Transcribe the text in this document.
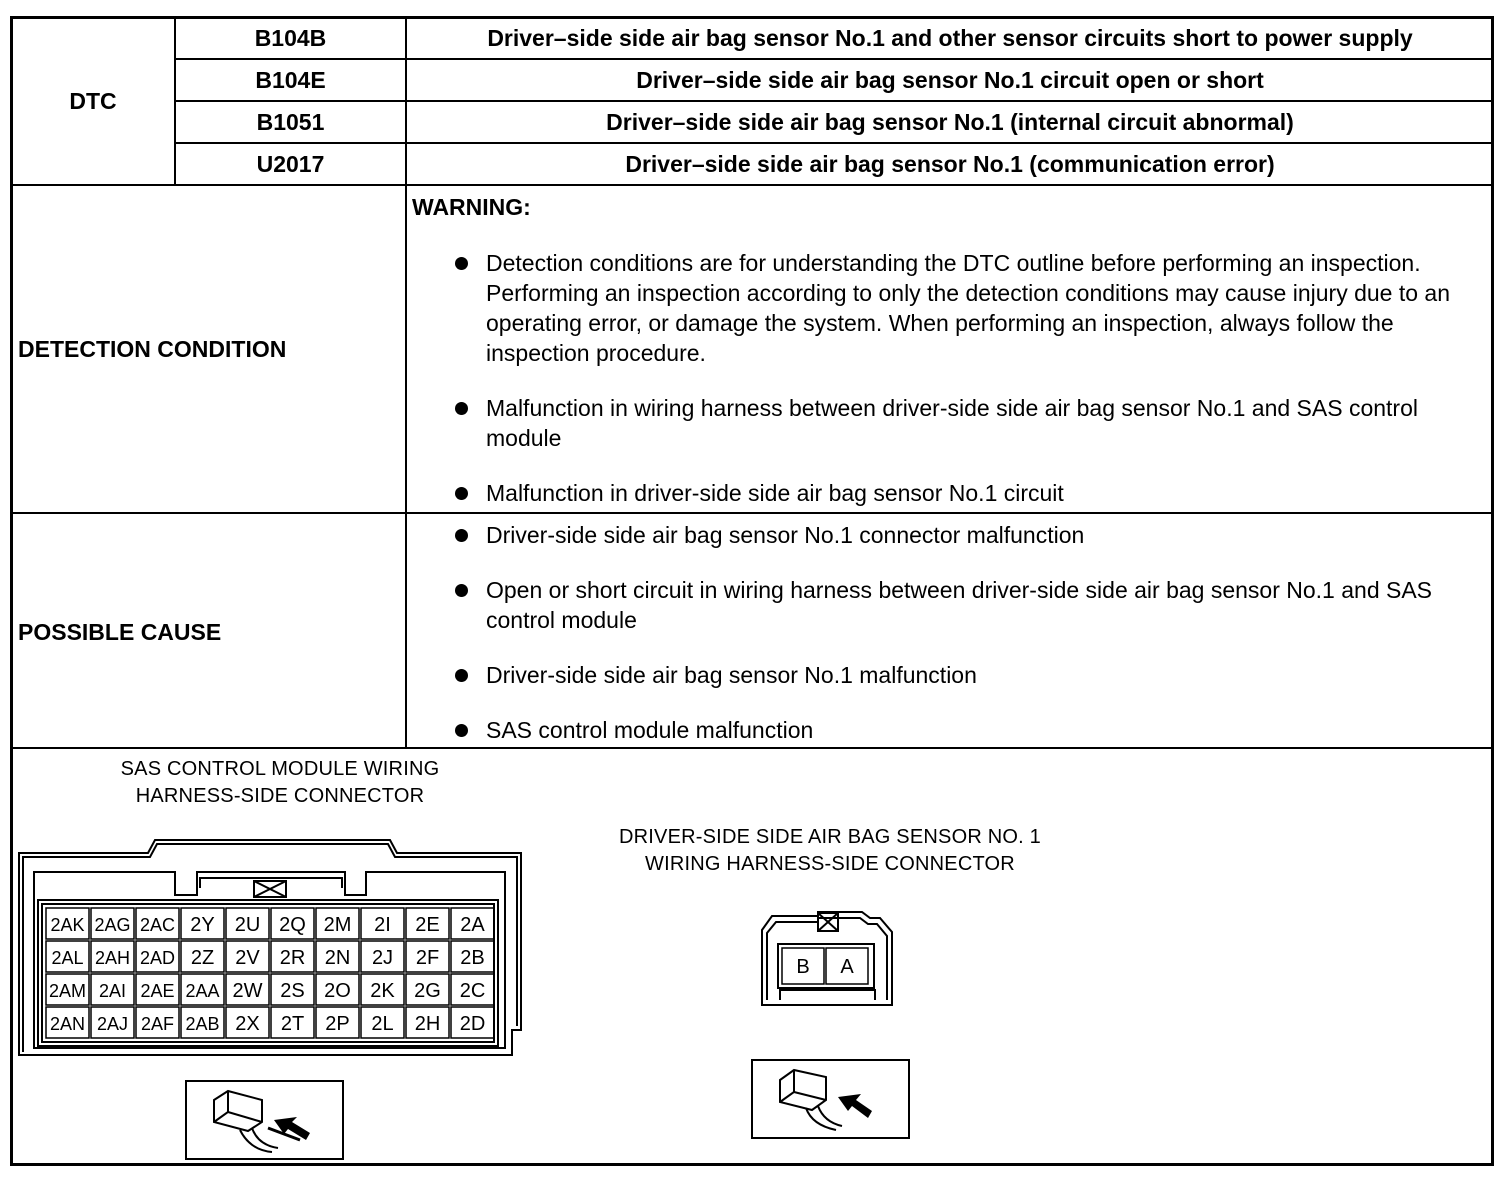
DTC
B104B	Driver–side side air bag sensor No.1 and other sensor circuits short to power supply
B104E	Driver–side side air bag sensor No.1 circuit open or short
B1051	Driver–side side air bag sensor No.1 (internal circuit abnormal)
U2017	Driver–side side air bag sensor No.1 (communication error)
DETECTION CONDITION
WARNING:
Detection conditions are for understanding the DTC outline before performing an inspection. Performing an inspection according to only the detection conditions may cause injury due to an operating error, or damage the system. When performing an inspection, always follow the inspection procedure.
Malfunction in wiring harness between driver-side side air bag sensor No.1 and SAS control module
Malfunction in driver-side side air bag sensor No.1 circuit
POSSIBLE CAUSE
Driver-side side air bag sensor No.1 connector malfunction
Open or short circuit in wiring harness between driver-side side air bag sensor No.1 and SAS control module
Driver-side side air bag sensor No.1 malfunction
SAS control module malfunction
SAS CONTROL MODULE WIRING
HARNESS-SIDE CONNECTOR
DRIVER-SIDE SIDE AIR BAG SENSOR NO. 1
WIRING HARNESS-SIDE CONNECTOR
2AK 2AG 2AC 2Y 2U 2Q 2M 2I 2E 2A
2AL 2AH 2AD 2Z 2V 2R 2N 2J 2F 2B
2AM 2AI 2AE 2AA 2W 2S 2O 2K 2G 2C
2AN 2AJ 2AF 2AB 2X 2T 2P 2L 2H 2D
B A
